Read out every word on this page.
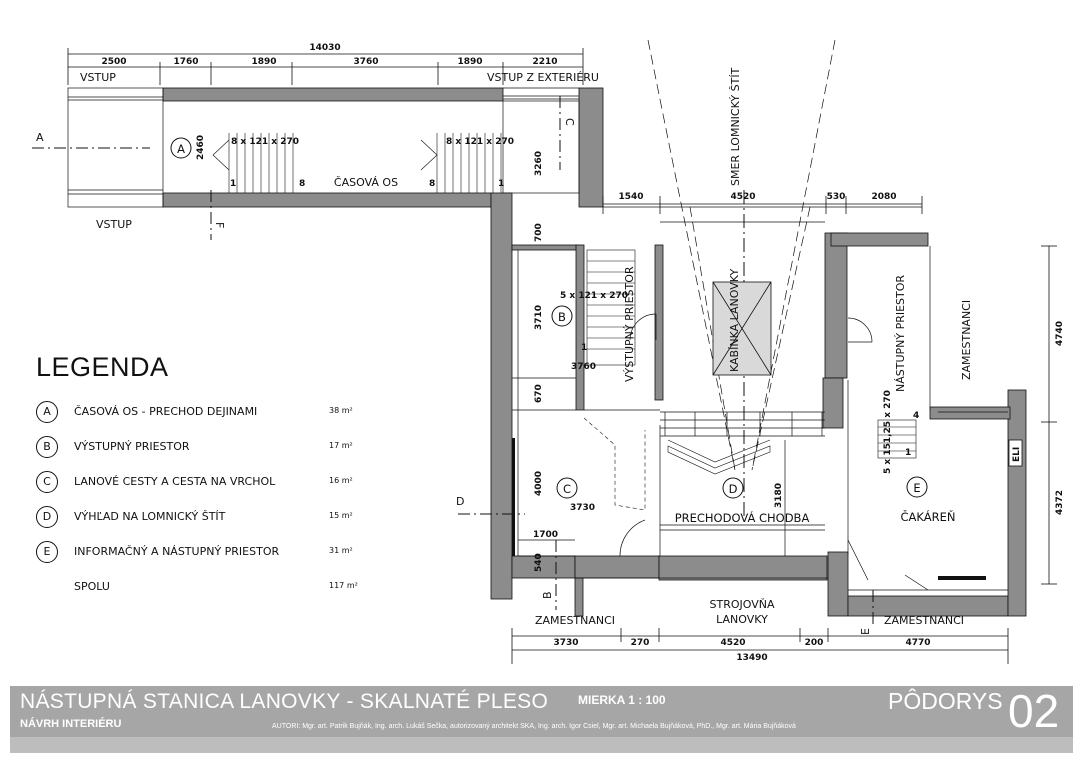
14030
2500	1760	1890	3760	1890	2210
VSTUP	VSTUP Z EXTERIÉRU
8 x 121 x 270	8 x 121 x 270
1	8	8	1
ČASOVÁ OS
VSTUP
A
A 2460
F
C
3260	SMER LOMNICKÝ ŠTÍT
1540	4520	530	2080
KABÍNKA LANOVKY
5 x 121 x 270
1
B	VÝSTUPNÝ PRIESTOR
700
3710
3760
670
C
4000
3730
1700
540
D
B
D
PRECHODOVÁ CHODBA
3180
NÁSTUPNÝ PRIESTOR	ZAMESTNANCI
5 x 151,25 x 270 4
1	ELI
E
ČAKÁREŇ
4740
4372
ZAMESTNANCI
STROJOVŇA
LANOVKY	ZAMESTNANCI
E
3730	270	4520	200	4770
13490
LEGENDA
A	ČASOVÁ OS - PRECHOD DEJINAMI	38 m²
B	VÝSTUPNÝ PRIESTOR	17 m²
C	LANOVÉ CESTY A CESTA NA VRCHOL	16 m²
D	VÝHĽAD NA LOMNICKÝ ŠTÍT	15 m²
E	INFORMAČNÝ A NÁSTUPNÝ PRIESTOR	31 m²
SPOLU	117 m²
NÁSTUPNÁ STANICA LANOVKY - SKALNATÉ PLESO
NÁVRH INTERIÉRU
MIERKA 1 : 100	PÔDORYS 02
AUTORI: Mgr. art. Patrik Bujňák, Ing. arch. Lukáš Sečka, autorizovaný architekt SKA, Ing. arch. Igor Csiel, Mgr. art. Michaela Bujňáková, PhD., Mgr. art. Mária Bujňáková
